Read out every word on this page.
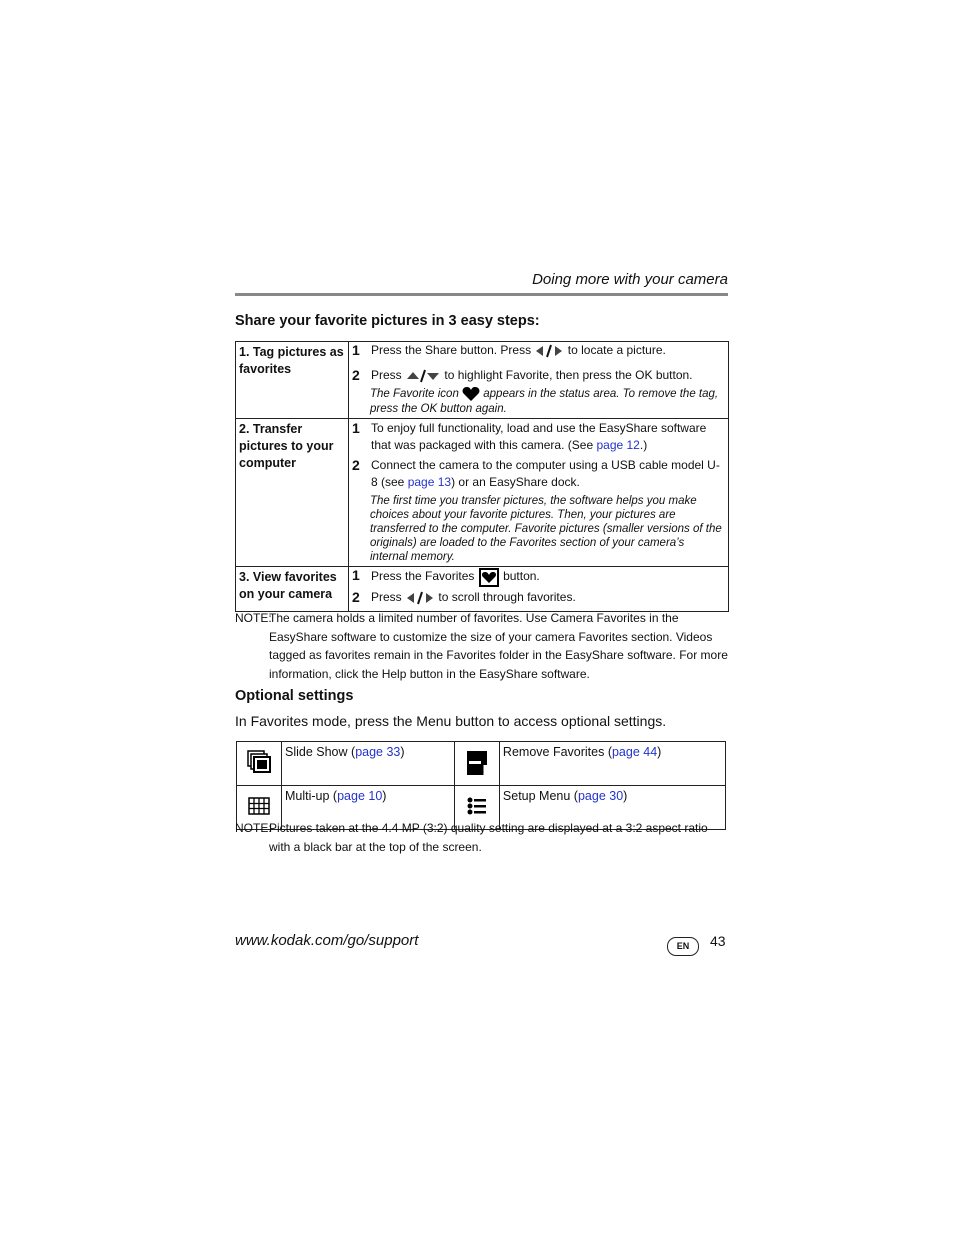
Doing more with your camera
Share your favorite pictures in 3 easy steps:
1. Tag pictures as favorites	1 Press the Share button. Press to locate a picture.
2 Press to highlight Favorite, then press the OK button.
The Favorite icon appears in the status area. To remove the tag, press the OK button again.

2. Transfer pictures to your computer	1 To enjoy full functionality, load and use the EasyShare software that was packaged with this camera. (See page 12.)
2 Connect the camera to the computer using a USB cable model U-8 (see page 13) or an EasyShare dock.
The first time you transfer pictures, the software helps you make choices about your favorite pictures. Then, your pictures are transferred to the computer. Favorite pictures (smaller versions of the originals) are loaded to the Favorites section of your camera’s internal memory.

3. View favorites on your camera	1 Press the Favorites button.
2 Press to scroll through favorites.
NOTE:
The camera holds a limited number of favorites. Use Camera Favorites in the EasyShare software to customize the size of your camera Favorites section. Videos tagged as favorites remain in the Favorites folder in the EasyShare software. For more information, click the Help button in the EasyShare software.
Optional settings
In Favorites mode, press the Menu button to access optional settings.
	Slide Show (page 33)		Remove Favorites (page 44)
	Multi-up (page 10)		Setup Menu (page 30)
NOTE:
Pictures taken at the 4.4 MP (3:2) quality setting are displayed at a 3:2 aspect ratio with a black bar at the top of the screen.
www.kodak.com/go/support	EN	43
